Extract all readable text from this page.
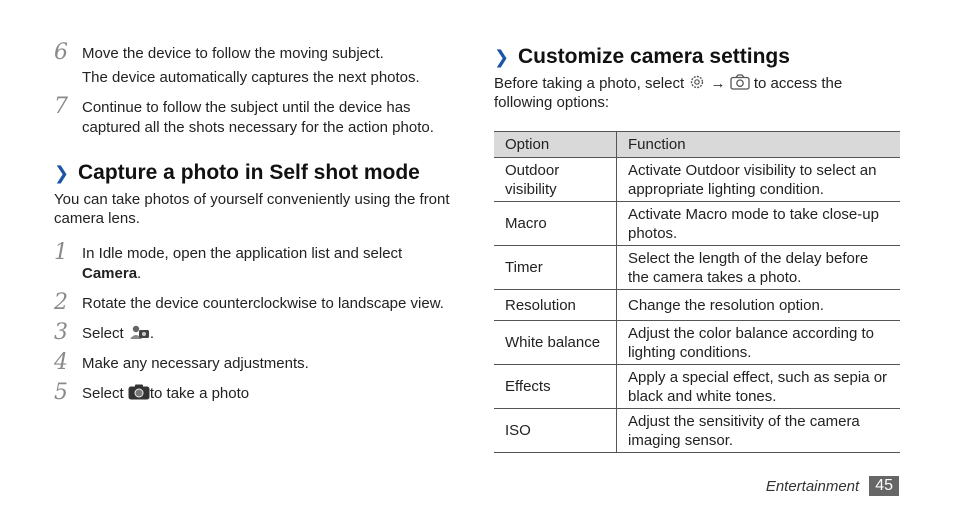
6 Move the device to follow the moving subject.

The device automatically captures the next photos.

7 Continue to follow the subject until the device has captured all the shots necessary for the action photo.

❯ Capture a photo in Self shot mode

You can take photos of yourself conveniently using the front camera lens.

1 In Idle mode, open the application list and select
Camera.

2 Rotate the device counterclockwise to landscape view.

3 Select .

4 Make any necessary adjustments.

5 Select to take a photo

❯ Customize camera settings

Before taking a photo, select → to access the following options:

Option	Function
Outdoor visibility	Activate Outdoor visibility to select an appropriate lighting condition.
Macro	Activate Macro mode to take close-up photos.
Timer	Select the length of the delay before the camera takes a photo.
Resolution	Change the resolution option.
White balance	Adjust the color balance according to lighting conditions.
Effects	Apply a special effect, such as sepia or black and white tones.
ISO	Adjust the sensitivity of the camera imaging sensor.
Entertainment	45
